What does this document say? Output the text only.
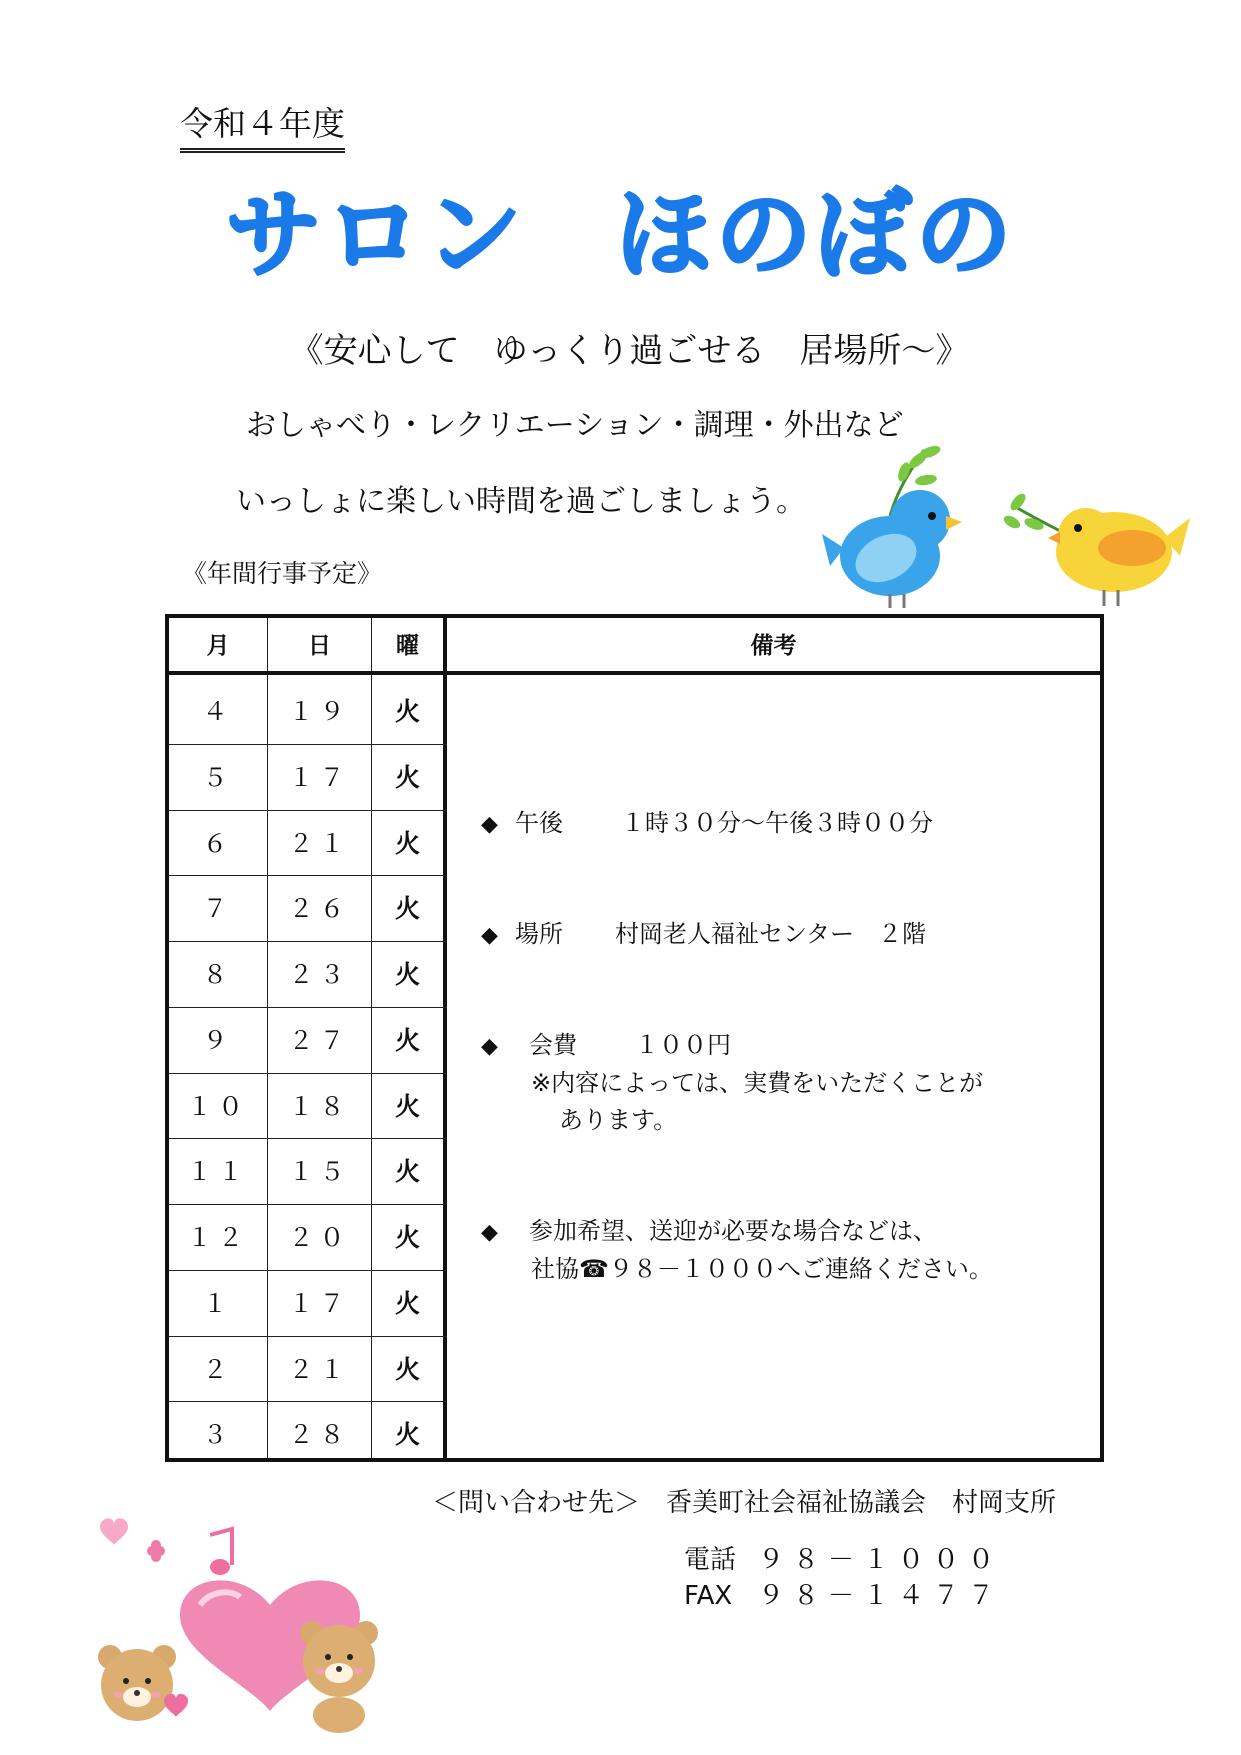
令和４年度
サロン ほのぼの
《安心して　ゆっくり過ごせる　居場所～》
おしゃべり・レクリエーション・調理・外出など
いっしょに楽しい時間を過ごしましょう。
《年間行事予定》
月	日	曜	備考
４	１９	火
５	１７	火
６	２１	火
７	２６	火
８	２３	火
９	２７	火
１０	１８	火
１１	１５	火
１２	２０	火
１	１７	火
２	２１	火
３	２８	火
◆ 午後 １時３０分～午後３時００分
◆ 場所 村岡老人福祉センター　２階
◆ 会費 １００円
※内容によっては、実費をいただくことが
あります。
◆ 参加希望、送迎が必要な場合などは、
社協☎９８－１０００へご連絡ください。
＜問い合わせ先＞ 香美町社会福祉協議会 村岡支所
電話 ９８－１０００
FAX ９８－１４７７
